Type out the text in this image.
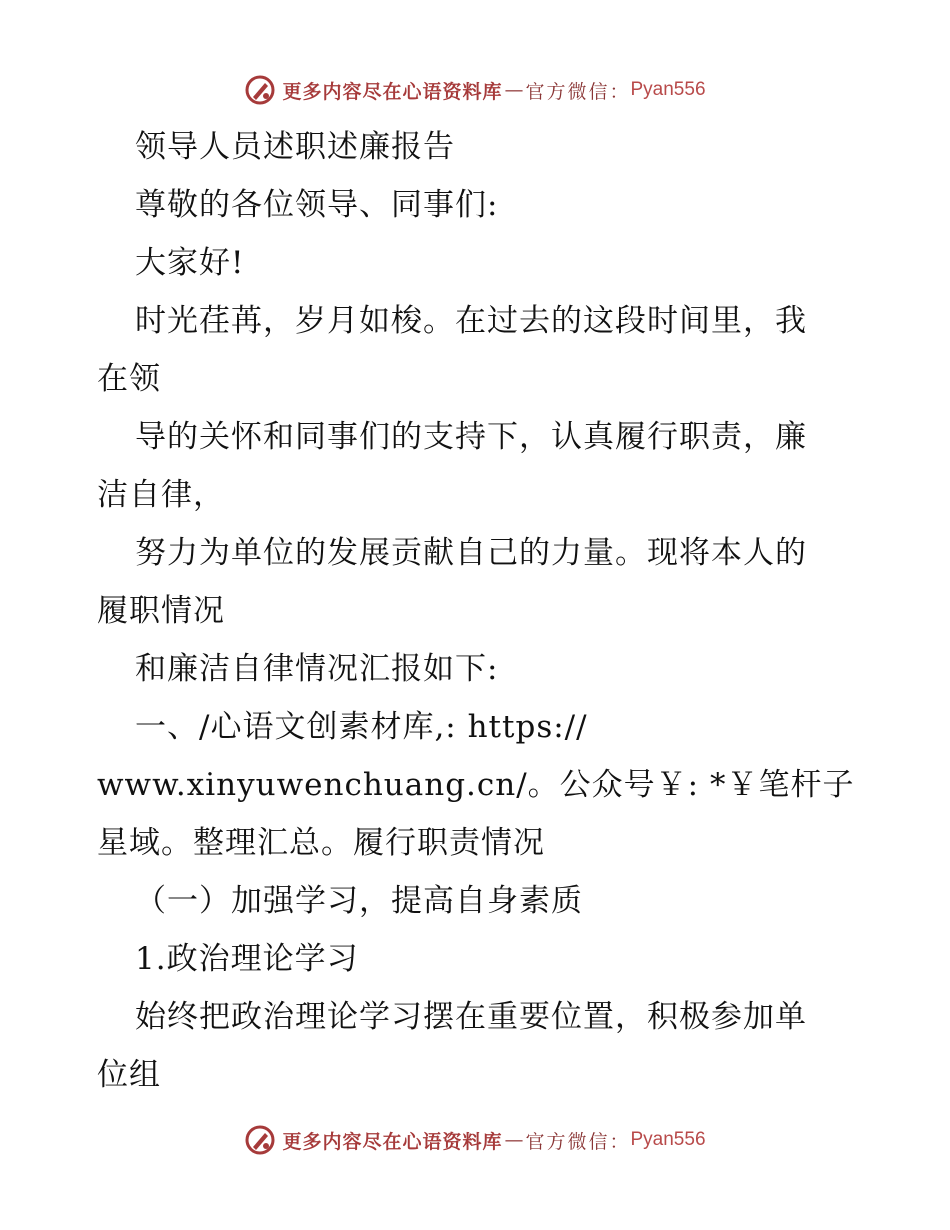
更多内容尽在心语资料库 — 官方微信： Pyan556
领导人员述职述廉报告
尊敬的各位领导、同事们:
大家好!
时光荏苒，岁月如梭。在过去的这段时间里，我
在领
导的关怀和同事们的支持下，认真履行职责，廉
洁自律，
努力为单位的发展贡献自己的力量。现将本人的
履职情况
和廉洁自律情况汇报如下:
一、/心语文创素材库,: https://
www.xinyuwenchuang.cn/。公众号￥: *￥笔杆子
星域。整理汇总。履行职责情况
（一）加强学习，提高自身素质
1.政治理论学习
始终把政治理论学习摆在重要位置，积极参加单
位组
更多内容尽在心语资料库 — 官方微信： Pyan556
